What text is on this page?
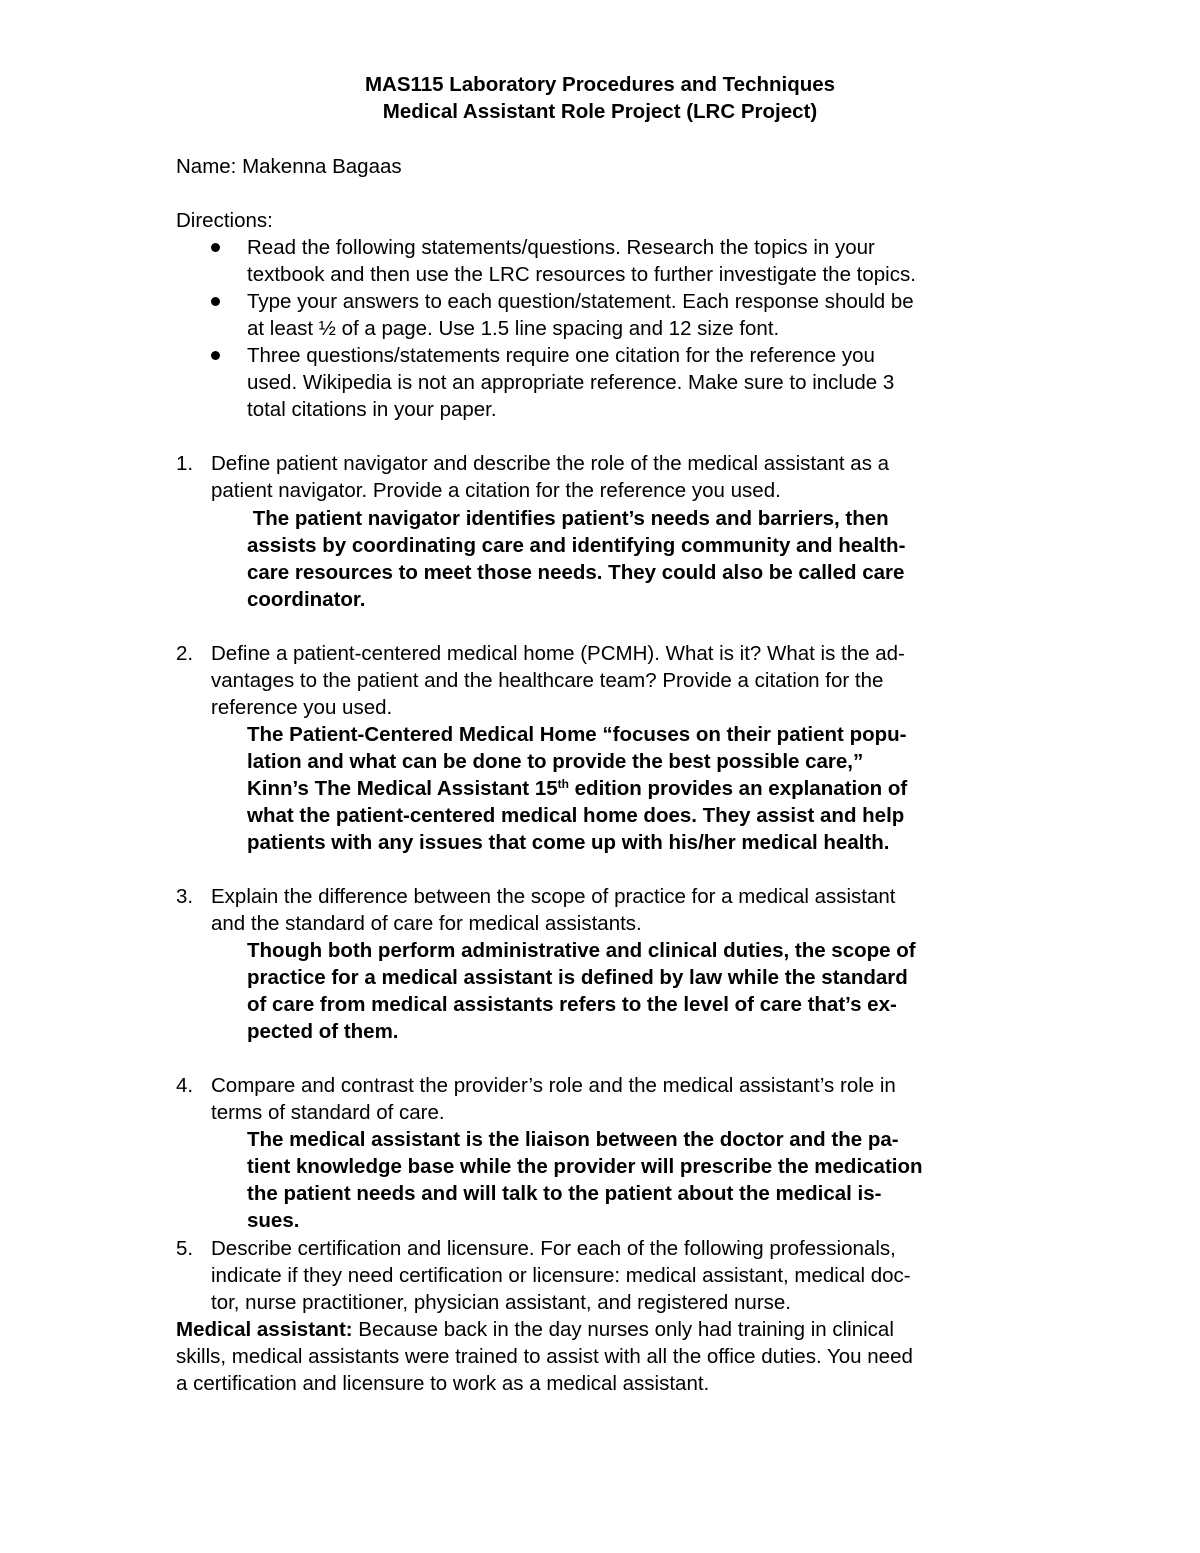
MAS115 Laboratory Procedures and Techniques
Medical Assistant Role Project (LRC Project)
Name: Makenna Bagaas
Directions:
Read the following statements/questions. Research the topics in your
textbook and then use the LRC resources to further investigate the topics.
Type your answers to each question/statement. Each response should be
at least ½ of a page. Use 1.5 line spacing and 12 size font.
Three questions/statements require one citation for the reference you
used. Wikipedia is not an appropriate reference. Make sure to include 3
total citations in your paper.
1. Define patient navigator and describe the role of the medical assistant as a
patient navigator. Provide a citation for the reference you used.
The patient navigator identifies patient’s needs and barriers, then
assists by coordinating care and identifying community and health-
care resources to meet those needs. They could also be called care
coordinator.
2. Define a patient-centered medical home (PCMH). What is it? What is the ad-
vantages to the patient and the healthcare team? Provide a citation for the
reference you used.
The Patient-Centered Medical Home “focuses on their patient popu-
lation and what can be done to provide the best possible care,”
Kinn’s The Medical Assistant 15th edition provides an explanation of
what the patient-centered medical home does. They assist and help
patients with any issues that come up with his/her medical health.
3. Explain the difference between the scope of practice for a medical assistant
and the standard of care for medical assistants.
Though both perform administrative and clinical duties, the scope of
practice for a medical assistant is defined by law while the standard
of care from medical assistants refers to the level of care that’s ex-
pected of them.
4. Compare and contrast the provider’s role and the medical assistant’s role in
terms of standard of care.
The medical assistant is the liaison between the doctor and the pa-
tient knowledge base while the provider will prescribe the medication
the patient needs and will talk to the patient about the medical is-
sues.
5. Describe certification and licensure. For each of the following professionals,
indicate if they need certification or licensure: medical assistant, medical doc-
tor, nurse practitioner, physician assistant, and registered nurse.
Medical assistant: Because back in the day nurses only had training in clinical
skills, medical assistants were trained to assist with all the office duties. You need
a certification and licensure to work as a medical assistant.
